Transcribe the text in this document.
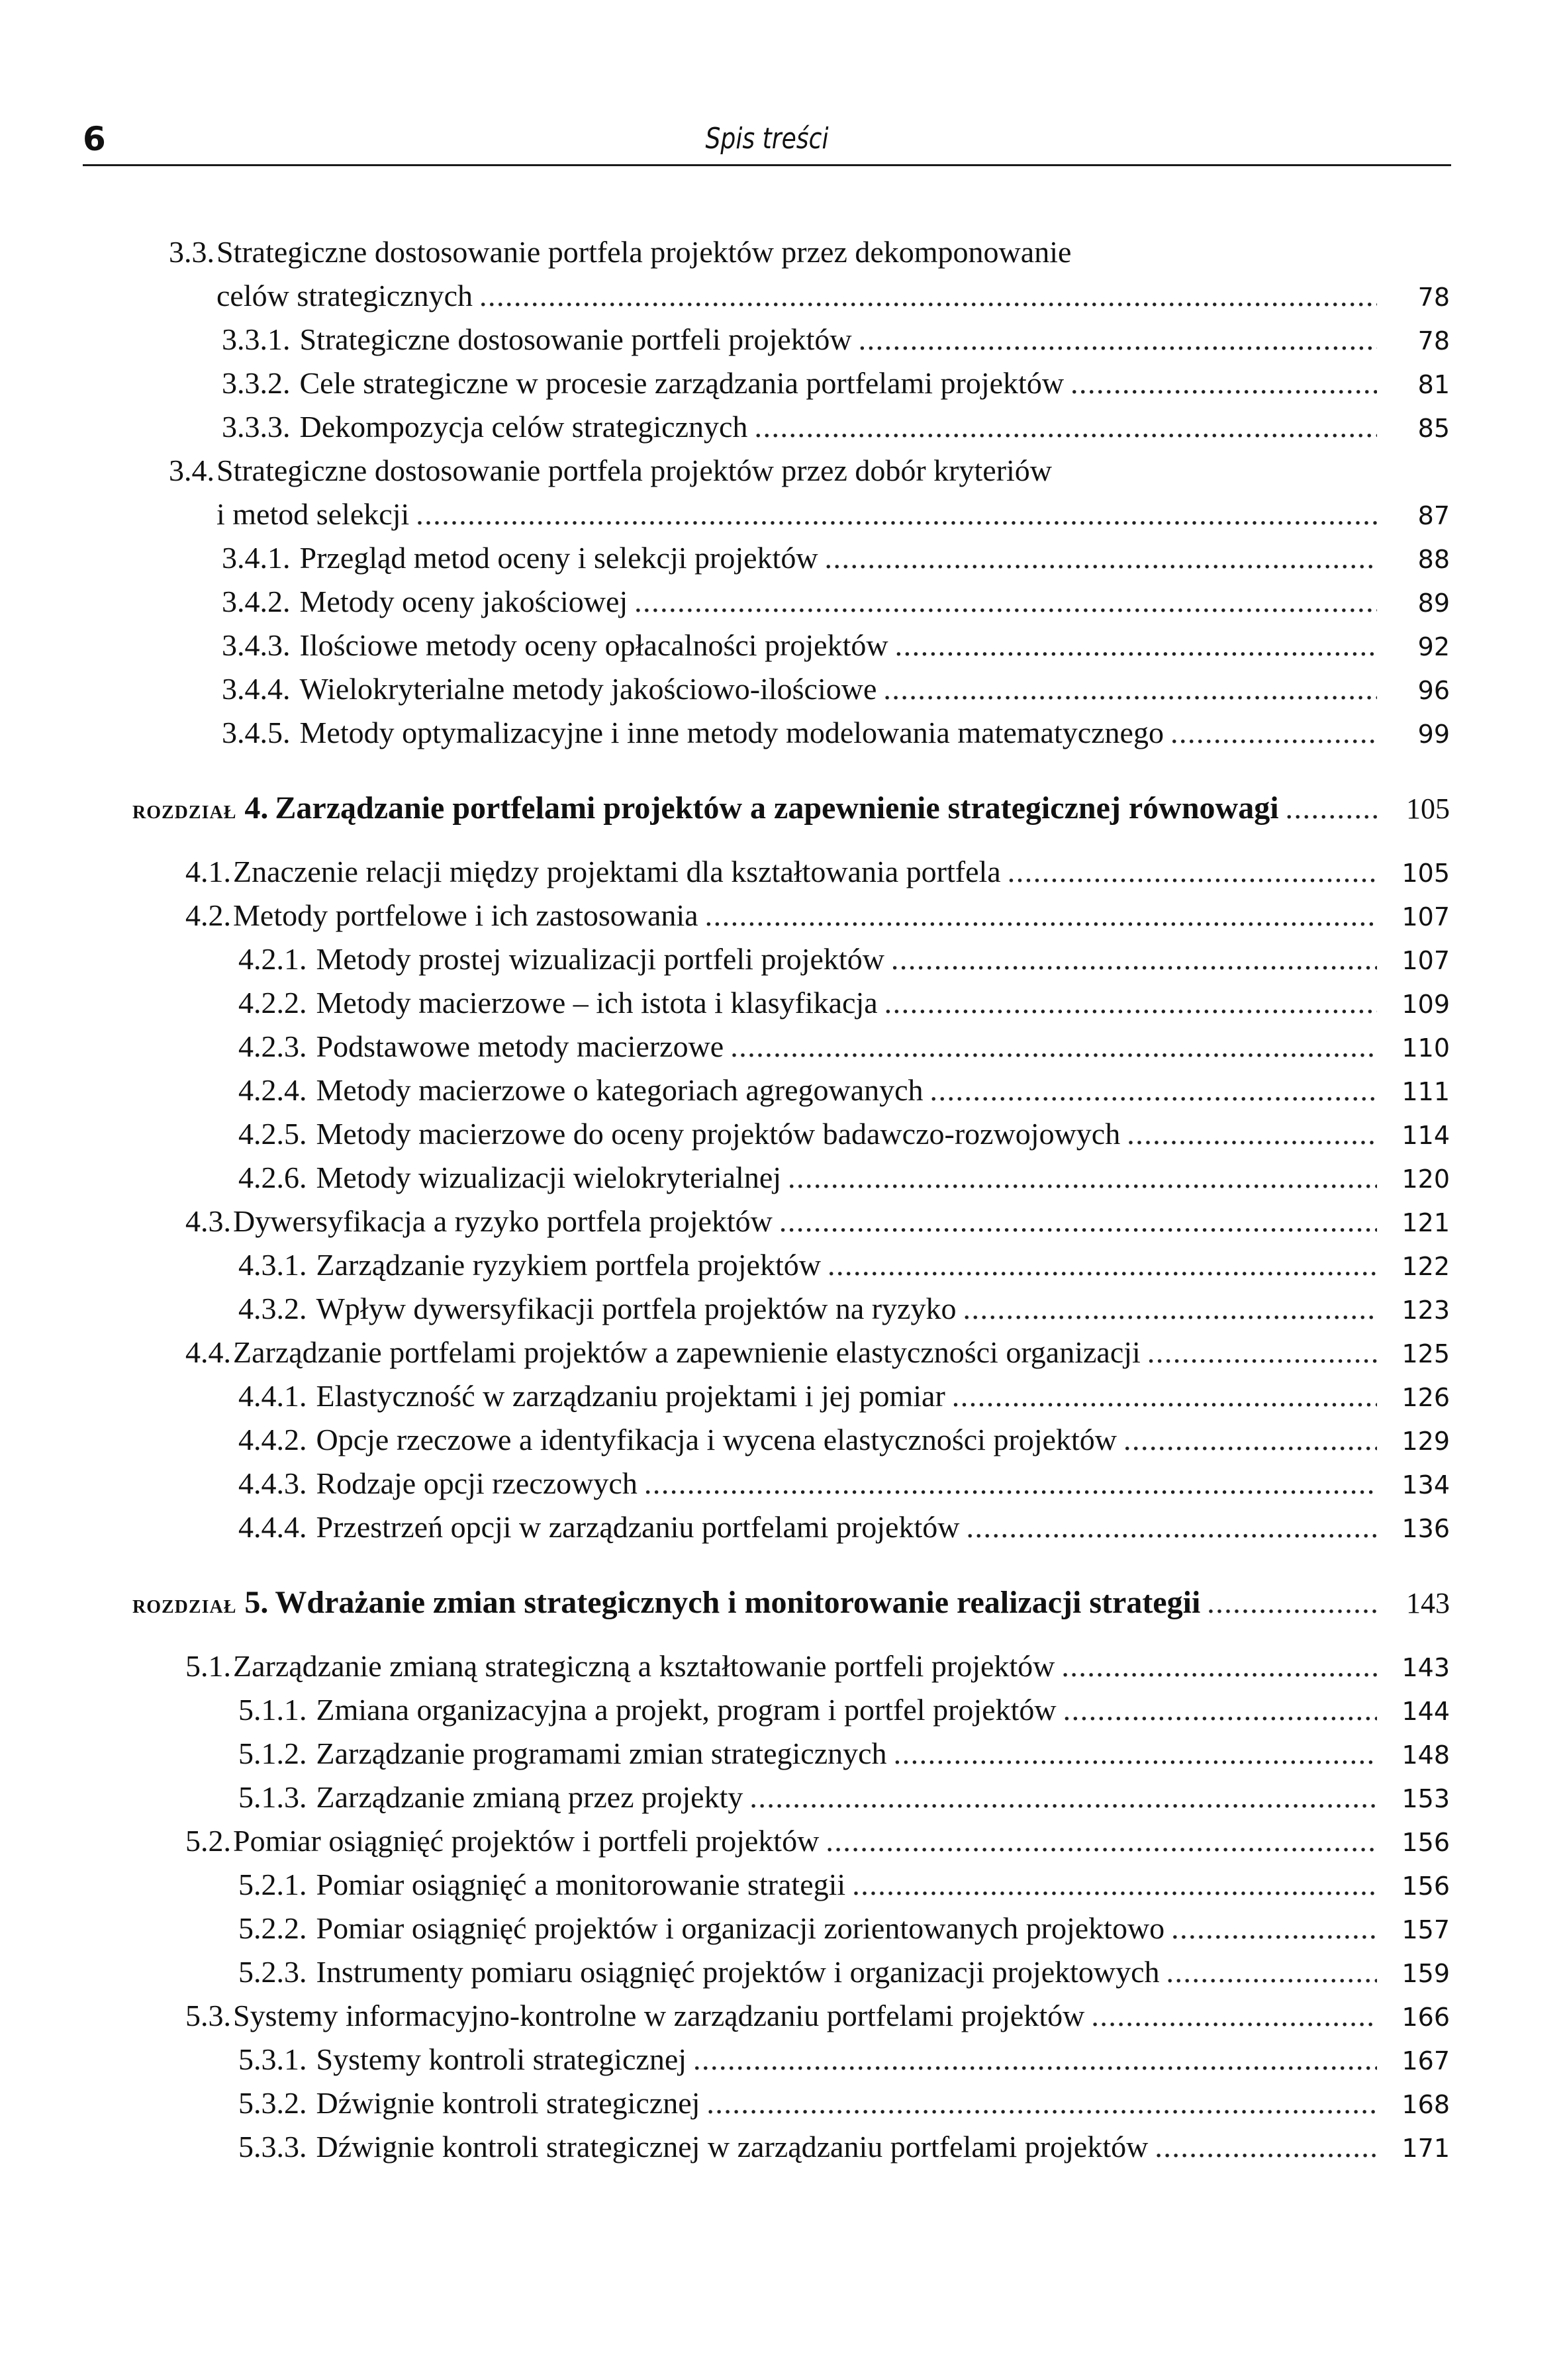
6	Spis treści
3.3. Strategiczne dostosowanie portfela projektów przez dekomponowanie
celów strategicznych . . .	78
3.3.1. Strategiczne dostosowanie portfeli projektów . . .	78
3.3.2. Cele strategiczne w procesie zarządzania portfelami projektów . . .	81
3.3.3. Dekompozycja celów strategicznych . . .	85
3.4. Strategiczne dostosowanie portfela projektów przez dobór kryteriów
i metod selekcji . . .	87
3.4.1. Przegląd metod oceny i selekcji projektów . . .	88
3.4.2. Metody oceny jakościowej . . .	89
3.4.3. Ilościowe metody oceny opłacalności projektów . . .	92
3.4.4. Wielokryterialne metody jakościowo-ilościowe . . .	96
3.4.5. Metody optymalizacyjne i inne metody modelowania matematycznego . . .	99
ROZDZIAŁ 4. Zarządzanie portfelami projektów a zapewnienie strategicznej równowagi . . .	105
4.1. Znaczenie relacji między projektami dla kształtowania portfela . . .	105
4.2. Metody portfelowe i ich zastosowania . . .	107
4.2.1. Metody prostej wizualizacji portfeli projektów . . .	107
4.2.2. Metody macierzowe – ich istota i klasyfikacja . . .	109
4.2.3. Podstawowe metody macierzowe . . .	110
4.2.4. Metody macierzowe o kategoriach agregowanych . . .	111
4.2.5. Metody macierzowe do oceny projektów badawczo-rozwojowych . . .	114
4.2.6. Metody wizualizacji wielokryterialnej . . .	120
4.3. Dywersyfikacja a ryzyko portfela projektów . . .	121
4.3.1. Zarządzanie ryzykiem portfela projektów . . .	122
4.3.2. Wpływ dywersyfikacji portfela projektów na ryzyko . . .	123
4.4. Zarządzanie portfelami projektów a zapewnienie elastyczności organizacji . . .	125
4.4.1. Elastyczność w zarządzaniu projektami i jej pomiar . . .	126
4.4.2. Opcje rzeczowe a identyfikacja i wycena elastyczności projektów . . .	129
4.4.3. Rodzaje opcji rzeczowych . . .	134
4.4.4. Przestrzeń opcji w zarządzaniu portfelami projektów . . .	136
ROZDZIAŁ 5. Wdrażanie zmian strategicznych i monitorowanie realizacji strategii . . .	143
5.1. Zarządzanie zmianą strategiczną a kształtowanie portfeli projektów . . .	143
5.1.1. Zmiana organizacyjna a projekt, program i portfel projektów . . .	144
5.1.2. Zarządzanie programami zmian strategicznych . . .	148
5.1.3. Zarządzanie zmianą przez projekty . . .	153
5.2. Pomiar osiągnięć projektów i portfeli projektów . . .	156
5.2.1. Pomiar osiągnięć a monitorowanie strategii . . .	156
5.2.2. Pomiar osiągnięć projektów i organizacji zorientowanych projektowo . . .	157
5.2.3. Instrumenty pomiaru osiągnięć projektów i organizacji projektowych . . .	159
5.3. Systemy informacyjno-kontrolne w zarządzaniu portfelami projektów . . .	166
5.3.1. Systemy kontroli strategicznej . . .	167
5.3.2. Dźwignie kontroli strategicznej . . .	168
5.3.3. Dźwignie kontroli strategicznej w zarządzaniu portfelami projektów . . .	171
